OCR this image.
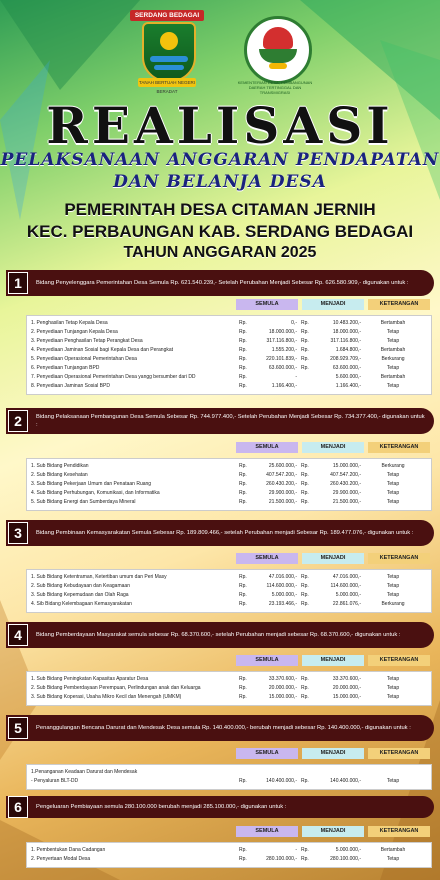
SERDANG BEDAGAI
TANAH BERTUAH NEGERI BERADAT
KEMENTERIAN DESA, PEMBANGUNAN DAERAH TERTINGGAL DAN TRANSMIGRASI
REALISASI
PELAKSANAAN ANGGARAN PENDAPATAN
DAN BELANJA DESA
PEMERINTAH DESA CITAMAN JERNIH
KEC. PERBAUNGAN KAB. SERDANG BEDAGAI
TAHUN ANGGARAN 2025
1	Bidang Penyelenggara Pemerintahan Desa Semula Rp. 621.540.239,- Setelah Perubahan Menjadi Sebesar Rp. 626.580.909,- digunakan untuk :
SEMULA	MENJADI	KETERANGAN
1. Penghasilan Tetap Kepala Desa	Rp.	0,- Rp.	10.483.200,-	Bertambah
2. Penyediaan Tunjangan Kepala Desa	Rp.	18.000.000,- Rp.	18.000.000,-	Tetap
3. Penyediaan Penghasilan Tetap Perangkat Desa	Rp.	317.116.800,- Rp.	317.116.800,-	Tetap
4. Penyediaan Jaminan Sosial bagi Kepala Desa dan Perangkat	Rp.	1.555.200,- Rp.	1.684.800,-	Bertambah
5. Penyediaan Operasional Pemerintahan Desa	Rp.	220.101.839,- Rp.	208.929.709,-	Berkurang
6. Penyediaan Tunjangan BPD	Rp.	63.600.000,- Rp.	63.600.000,-	Tetap
7. Penyediaan Operasional Pemerintahan Desa yangg bersumber dari DD	Rp.	-	5.600.000,-	Bertambah
8. Penyediaan Jaminan Sosial BPD	Rp.	1.166.400,-	1.166.400,-	Tetap
2	Bidang Pelaksanaan Pembangunan Desa Semula Sebesar Rp. 744.977.400,- Setelah Perubahan Menjadi Sebesar Rp. 734.377.400,- digunakan untuk :
SEMULA	MENJADI	KETERANGAN
1. Sub Bidang Pendidikan	Rp.	25.600.000,- Rp.	15.000.000,-	Berkurang
2. Sub Bidang Kesehatan	Rp.	407.547.200,- Rp.	407.547.200,-	Tetap
3. Sub Bidang Pekerjaan Umum dan Penataan Ruang	Rp.	260.430.200,- Rp.	260.430.200,-	Tetap
4. Sub Bidang Perhubungan, Komunikasi, dan Informatika	Rp.	29.900.000,- Rp.	29.900.000,-	Tetap
5. Sub Bidang Energi dan Sumberdaya Mineral	Rp.	21.500.000,- Rp.	21.500.000,-	Tetap
3	Bidang Pembinaan Kemasyarakatan Semula Sebesar Rp. 189.809.466,- setelah Perubahan menjadi Sebesar Rp. 189.477.076,- digunakan untuk :
SEMULA	MENJADI	KETERANGAN
1. Sub Bidang Ketentraman, Ketertiban umum dan Peri Masy	Rp.	47.016.000,- Rp.	47.016.000,-	Tetap
2. Sub Bidang Kebudayaan dan Keagamaan	Rp.	114.600.000,- Rp.	114.600.000,-	Tetap
3. Sub Bidang Kepemudaan dan Olah Raga	Rp.	5.000.000,- Rp.	5.000.000,-	Tetap
4. Sib Bidang Kelembagaan Kemasyarakatan	Rp.	23.193.466,- Rp.	22.861.076,-	Berkurang
4	Bidang Pemberdayaan Masyarakat semula sebesar Rp. 68.370.600,- setelah Perubahan menjadi sebesar Rp. 68.370.600,- digunakan untuk :
SEMULA	MENJADI	KETERANGAN
1. Sub Bidang Peningkatan Kapasitas Aparatur Desa	Rp.	33.370.600,- Rp.	33.370.600,-	Tetap
2. Sub Bidang Pemberdayaan Perempuan, Perlindungan anak dan Keluarga	Rp.	20.000.000,- Rp.	20.000.000,-	Tetap
3. Sub Bidang Koperasi, Usaha Mikro Kecil dan Menengah (UMKM)	Rp.	15.000.000,- Rp.	15.000.000,-	Tetap
5	Penanggulangan Bencana Darurat dan Mendesak Desa semula Rp. 140.400.000,- berubah menjadi sebesar Rp. 140.400.000,- digunakan untuk :
SEMULA	MENJADI	KETERANGAN
1.Penanganan Keadaan Darurat dan Mendesak
- Penyaluran BLT-DD	Rp.	140.400.000,- Rp.	140.400.000,-	Tetap
6	Pengeluaran Pembiayaan semula 280.100.000 berubah menjadi 285.100.000,- digunakan untuk :
SEMULA	MENJADI	KETERANGAN
1. Pembentukan Dana Cadangan	Rp.	- Rp.	5.000.000,-	Bertambah
2. Penyertaan Modal Desa	Rp.	280.100.000,- Rp.	280.100.000,-	Tetap
